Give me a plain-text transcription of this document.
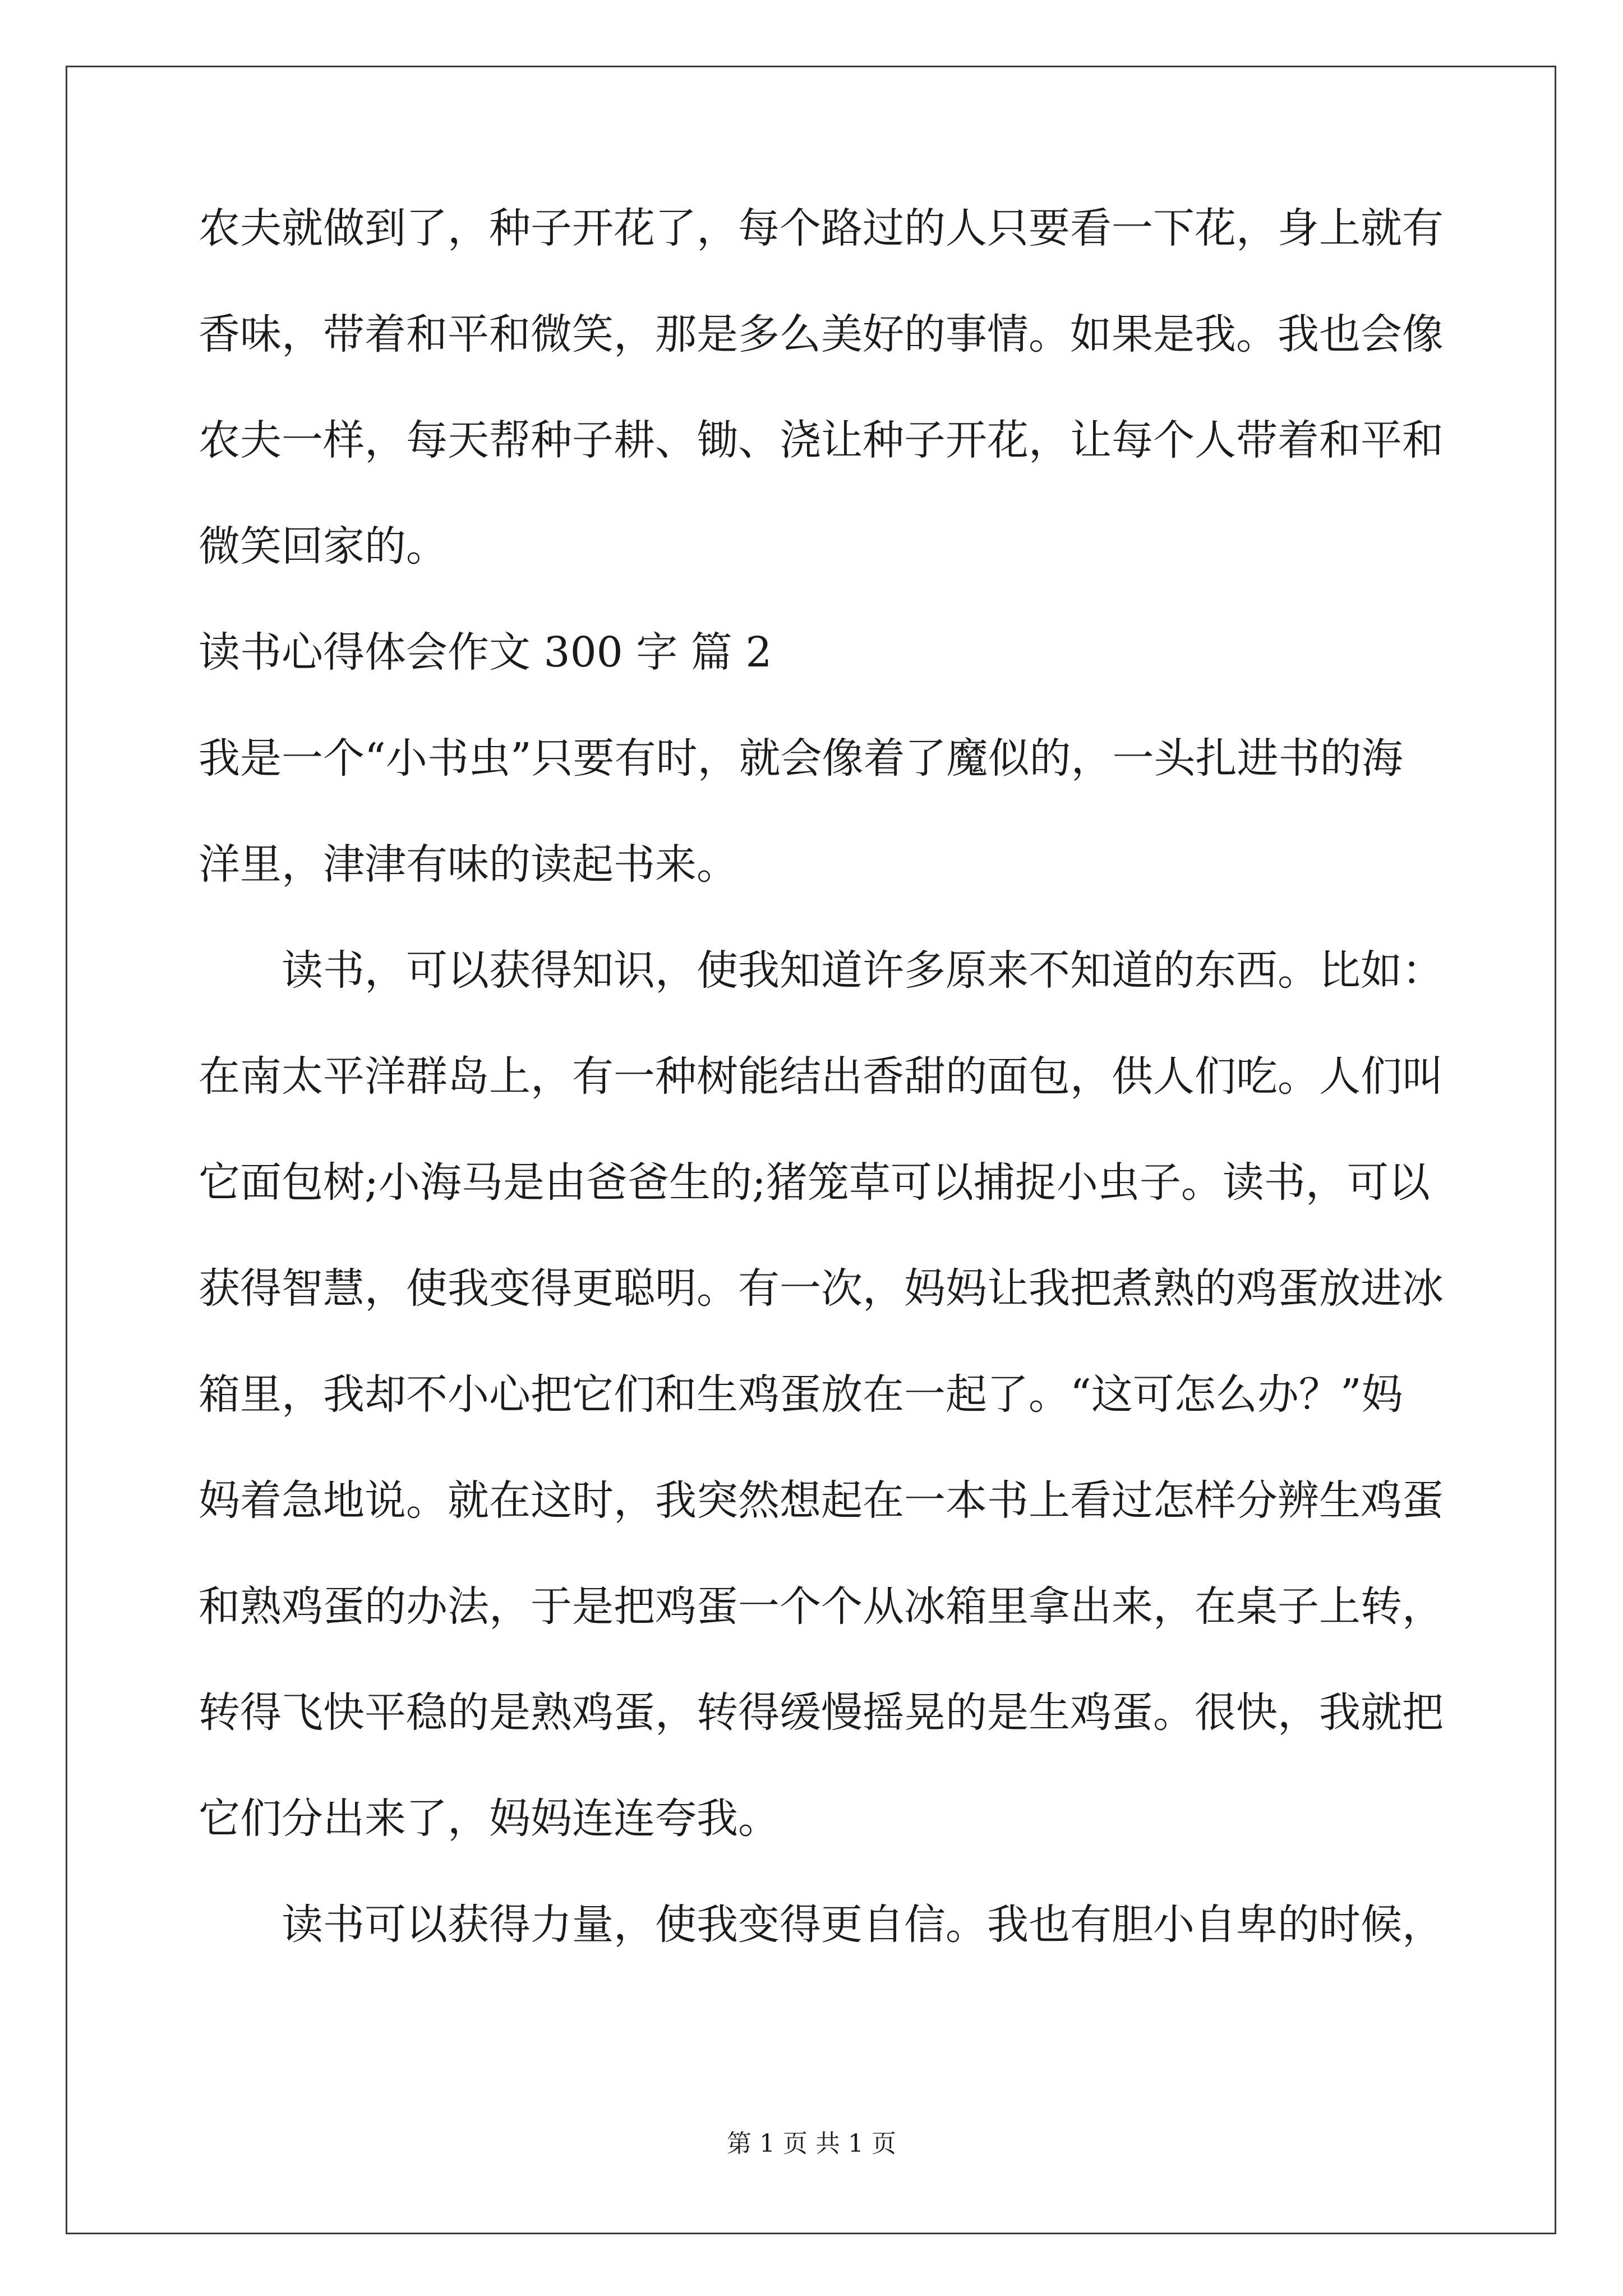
农夫就做到了，种子开花了，每个路过的人只要看一下花，身上就有
香味，带着和平和微笑，那是多么美好的事情。如果是我。我也会像
农夫一样，每天帮种子耕、锄、浇让种子开花，让每个人带着和平和
微笑回家的。
读书心得体会作文 300 字 篇 2
我是一个“小书虫”只要有时，就会像着了魔似的，一头扎进书的海
洋里，津津有味的读起书来。
读书，可以获得知识，使我知道许多原来不知道的东西。比如：
在南太平洋群岛上，有一种树能结出香甜的面包，供人们吃。人们叫
它面包树;小海马是由爸爸生的;猪笼草可以捕捉小虫子。读书，可以
获得智慧，使我变得更聪明。有一次，妈妈让我把煮熟的鸡蛋放进冰
箱里，我却不小心把它们和生鸡蛋放在一起了。“这可怎么办？”妈
妈着急地说。就在这时，我突然想起在一本书上看过怎样分辨生鸡蛋
和熟鸡蛋的办法，于是把鸡蛋一个个从冰箱里拿出来，在桌子上转，
转得飞快平稳的是熟鸡蛋，转得缓慢摇晃的是生鸡蛋。很快，我就把
它们分出来了，妈妈连连夸我。
读书可以获得力量，使我变得更自信。我也有胆小自卑的时候，
第 1 页 共 1 页
